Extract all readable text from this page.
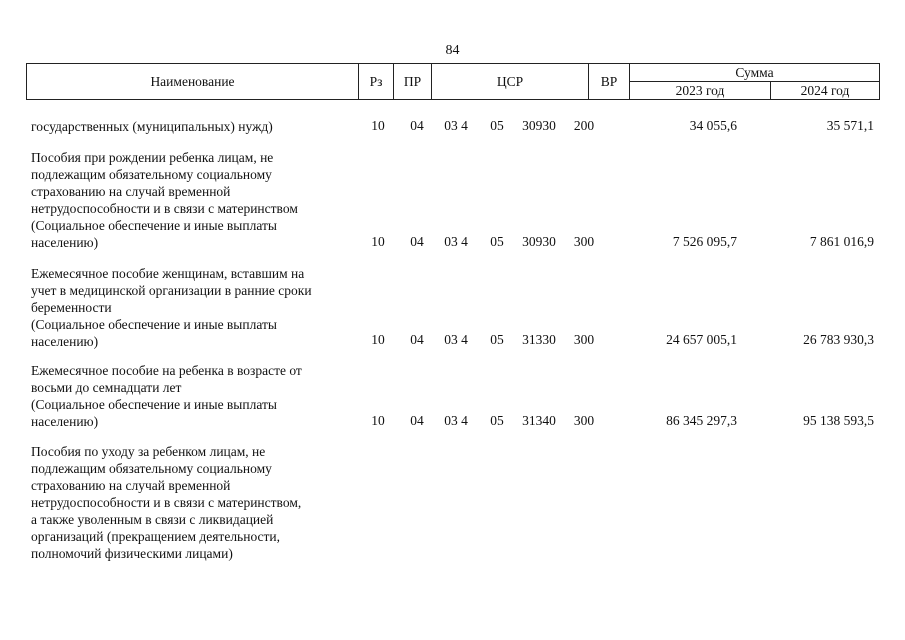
84
Наименование	Рз	ПР	ЦСР	ВР
Сумма
2023 год	2024 год
государственных (муниципальных) нужд)	10	04	03 4	05	30930	200	34 055,6	35 571,1
Пособия при рождении ребенка лицам, не
подлежащим обязательному социальному
страхованию на случай временной
нетрудоспособности и в связи с материнством
(Социальное обеспечение и иные выплаты
населению)	10	04	03 4	05	30930	300	7 526 095,7	7 861 016,9
Ежемесячное пособие женщинам, вставшим на
учет в медицинской организации в ранние сроки
беременности
(Социальное обеспечение и иные выплаты
населению)	10	04	03 4	05	31330	300	24 657 005,1	26 783 930,3
Ежемесячное пособие на ребенка в возрасте от
восьми до семнадцати лет
(Социальное обеспечение и иные выплаты
населению)	10	04	03 4	05	31340	300	86 345 297,3	95 138 593,5
Пособия по уходу за ребенком лицам, не
подлежащим обязательному социальному
страхованию на случай временной
нетрудоспособности и в связи с материнством,
а также уволенным в связи с ликвидацией
организаций (прекращением деятельности,
полномочий физическими лицами)
